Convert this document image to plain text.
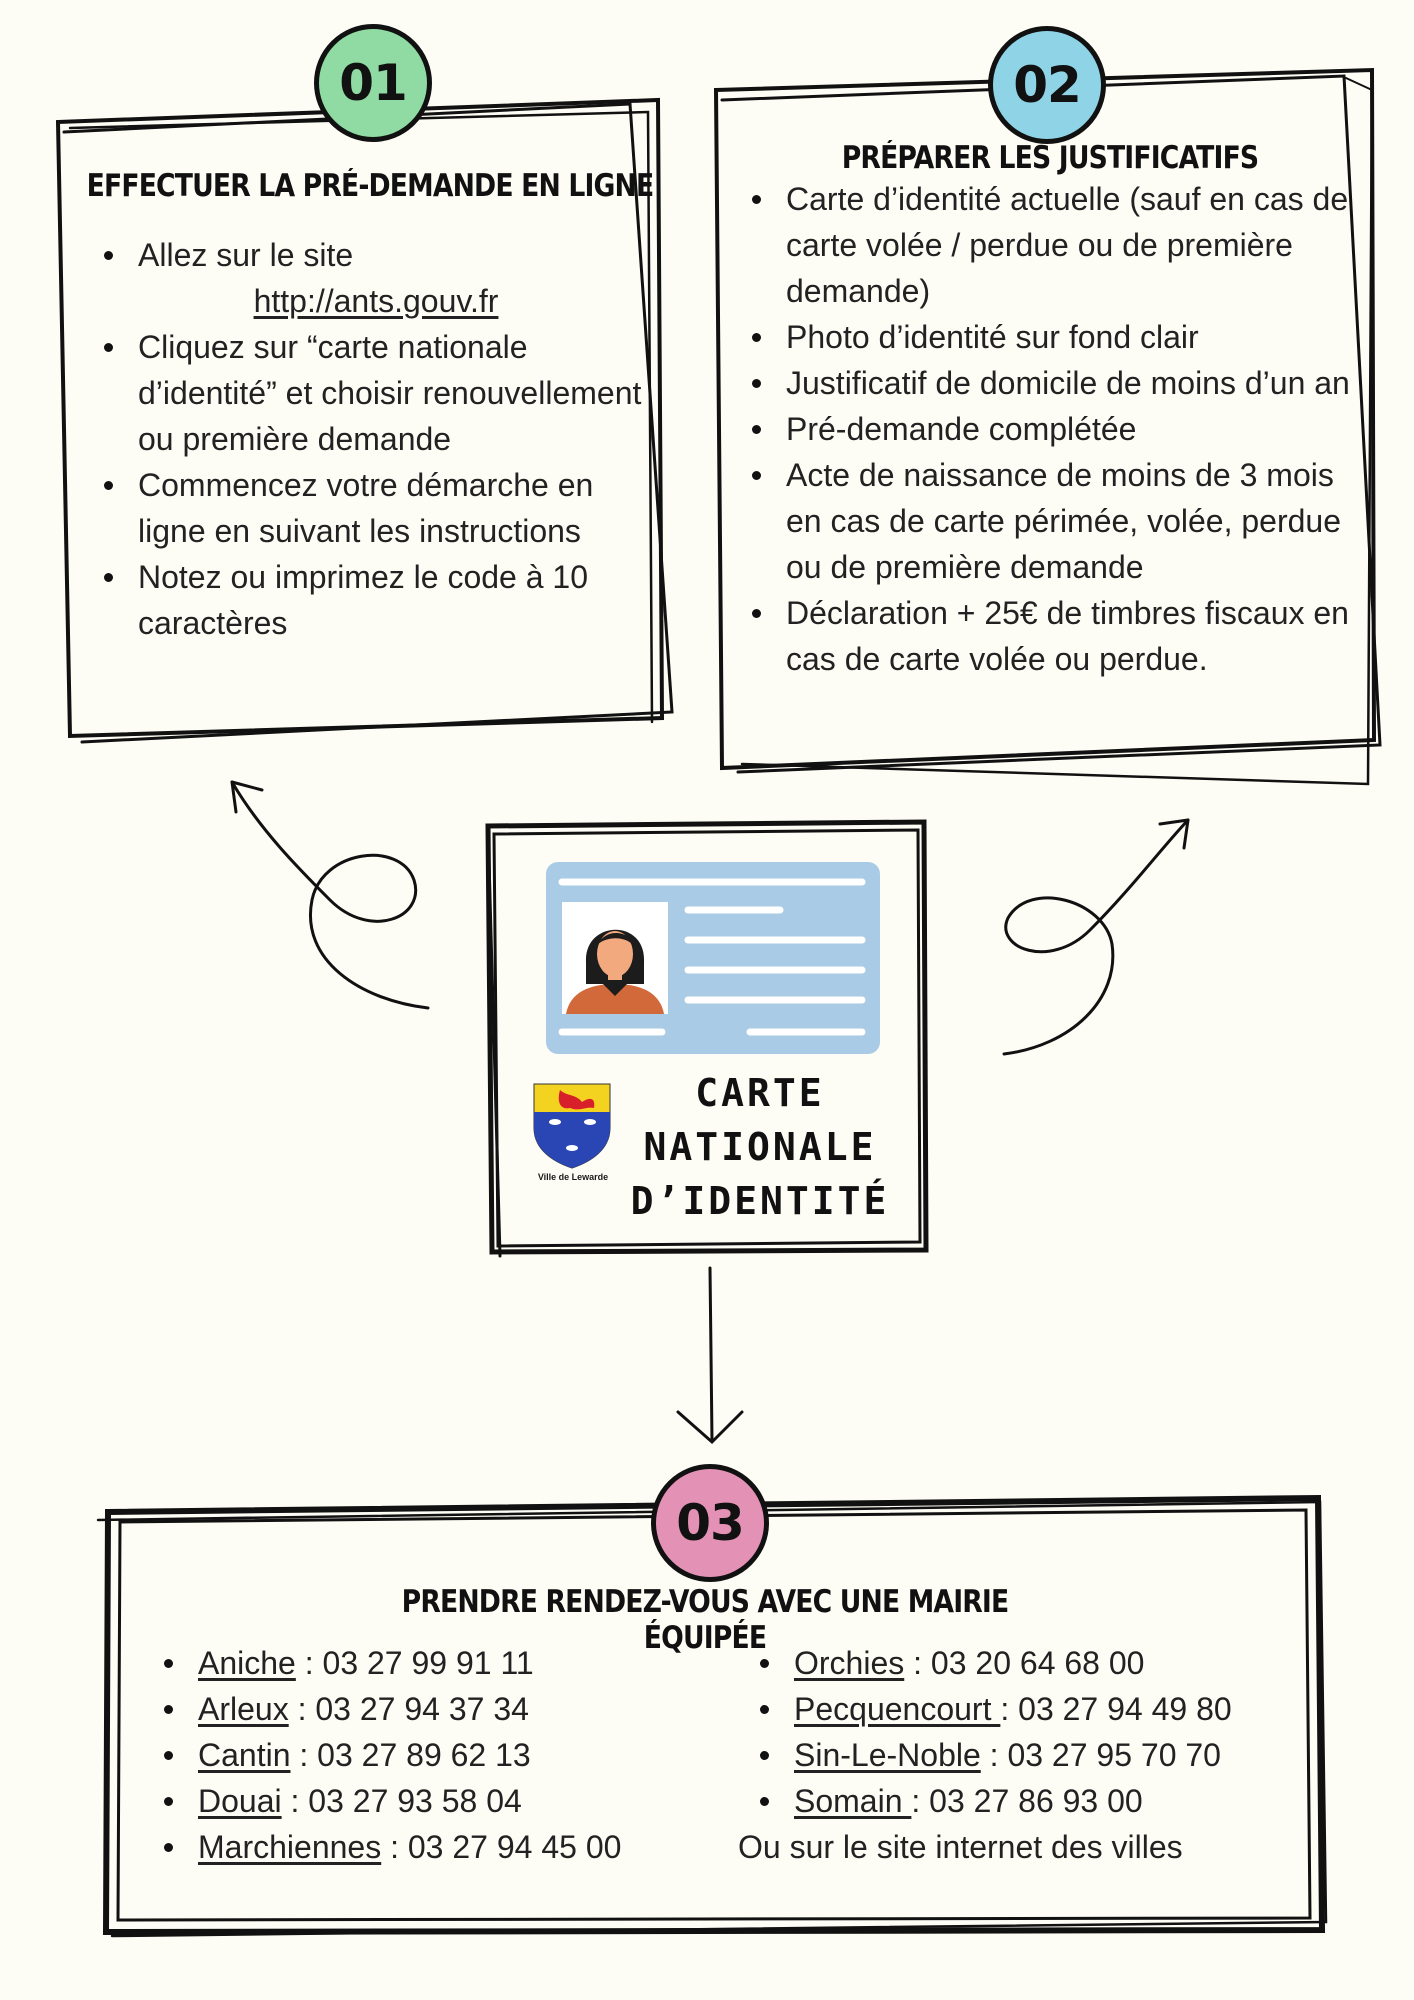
01	02
03
EFFECTUER LA PRÉ-DEMANDE EN LIGNE
Allez sur le site

http://ants.gouv.fr
Cliquez sur “carte nationale d’identité” et choisir renouvellement ou première demande
Commencez votre démarche en ligne en suivant les instructions
Notez ou imprimez le code à 10 caractères
PRÉPARER LES JUSTIFICATIFS
Carte d’identité actuelle (sauf en cas de carte volée / perdue ou de première demande)
Photo d’identité sur fond clair
Justificatif de domicile de moins d’un an
Pré-demande complétée
Acte de naissance de moins de 3 mois en cas de carte périmée, volée, perdue ou de première demande
Déclaration + 25€ de timbres fiscaux en cas de carte volée ou perdue.
Ville de Lewarde
CARTE
NATIONALE
D’IDENTITÉ
PRENDRE RENDEZ-VOUS AVEC UNE MAIRIE ÉQUIPÉE
Aniche : 03 27 99 91 11
Arleux : 03 27 94 37 34
Cantin : 03 27 89 62 13
Douai : 03 27 93 58 04
Marchiennes : 03 27 94 45 00
Orchies : 03 20 64 68 00
Pecquencourt : 03 27 94 49 80
Sin-Le-Noble : 03 27 95 70 70
Somain : 03 27 86 93 00
Ou sur le site internet des villes
